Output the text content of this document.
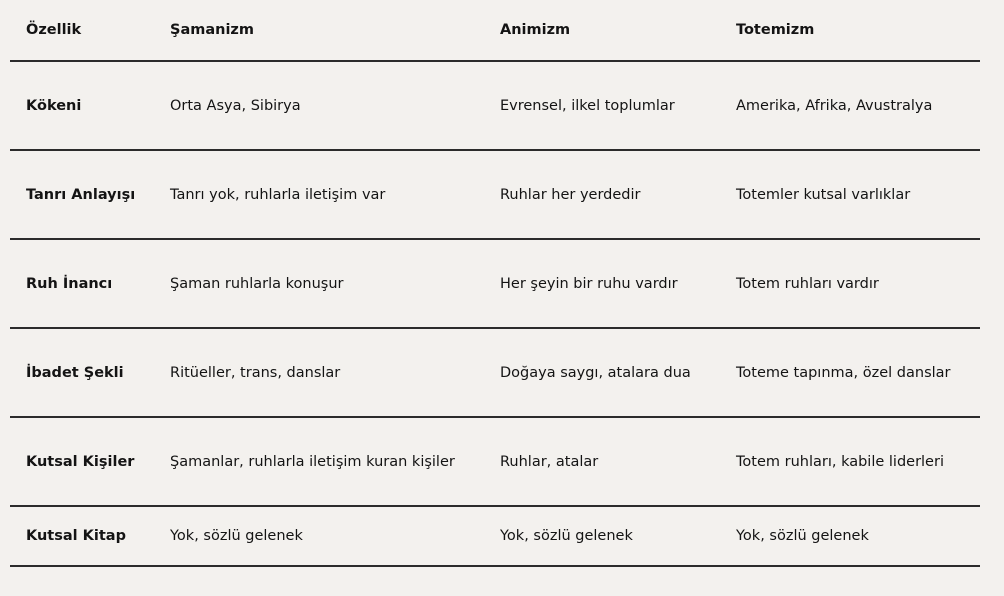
Özellik	Şamanizm	Animizm	Totemizm
Kökeni	Orta Asya, Sibirya	Evrensel, ilkel toplumlar	Amerika, Afrika, Avustralya
Tanrı Anlayışı	Tanrı yok, ruhlarla iletişim var	Ruhlar her yerdedir	Totemler kutsal varlıklar
Ruh İnancı	Şaman ruhlarla konuşur	Her şeyin bir ruhu vardır	Totem ruhları vardır
İbadet Şekli	Ritüeller, trans, danslar	Doğaya saygı, atalara dua	Toteme tapınma, özel danslar
Kutsal Kişiler	Şamanlar, ruhlarla iletişim kuran kişiler	Ruhlar, atalar	Totem ruhları, kabile liderleri
Kutsal Kitap	Yok, sözlü gelenek	Yok, sözlü gelenek	Yok, sözlü gelenek
